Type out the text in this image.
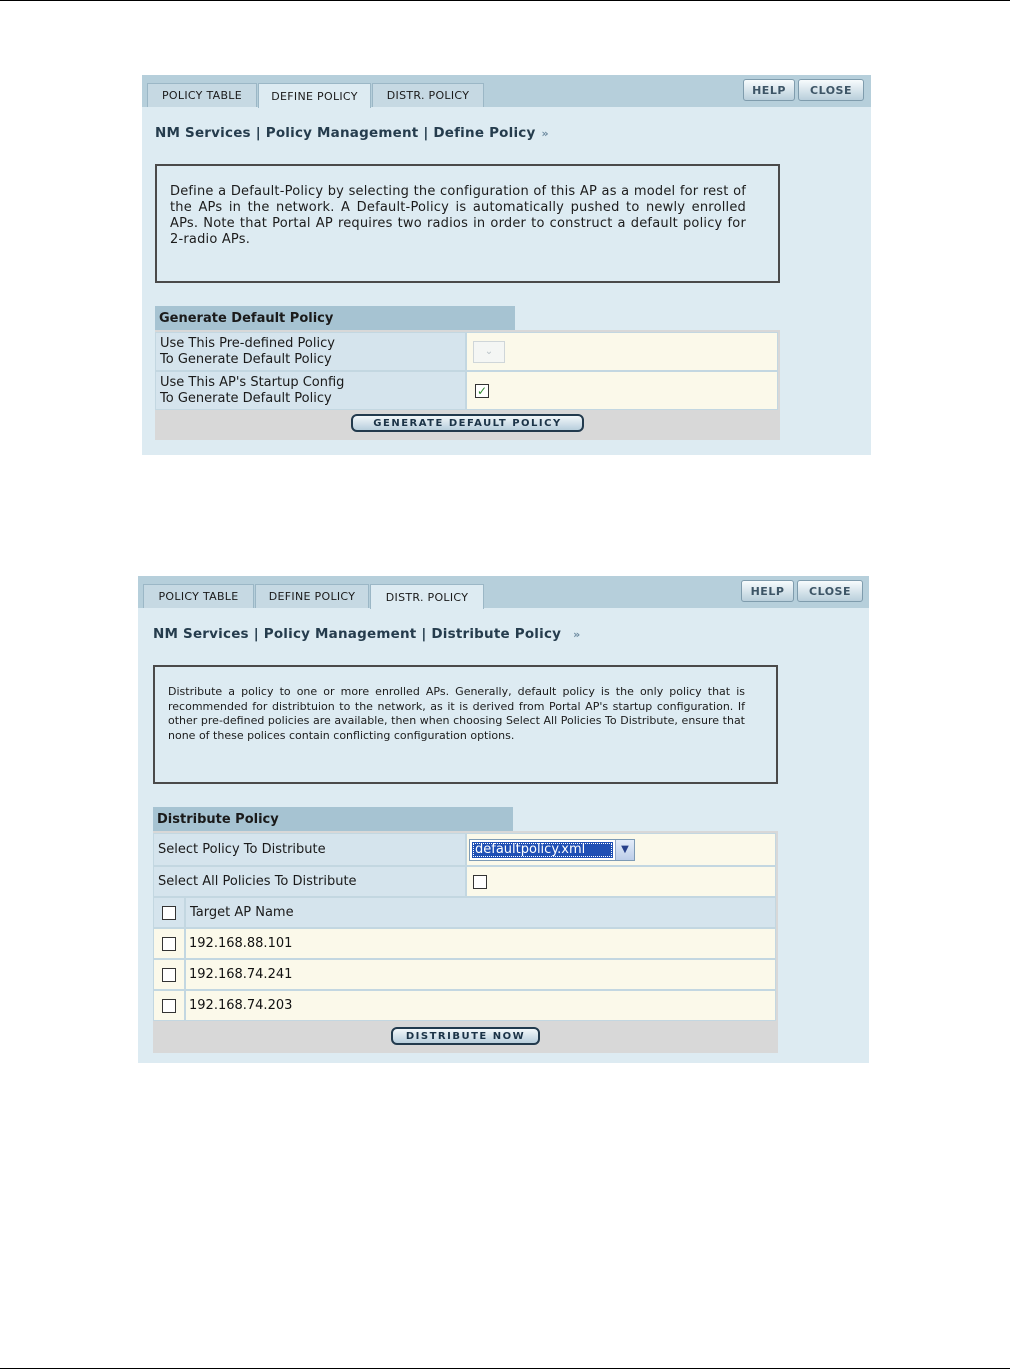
POLICY TABLE	DEFINE POLICY	DISTR. POLICY	HELP	CLOSE
NM Services | Policy Management | Define Policy »

Define a Default-Policy by selecting the configuration of this AP as a model for rest of the APs in the network. A Default-Policy is automatically pushed to newly enrolled APs. Note that Portal AP requires two radios in order to construct a default policy for 2-radio APs.

Generate Default Policy
Use This Pre-defined Policy
To Generate Default Policy	⌄
Use This AP's Startup Config
To Generate Default Policy	✓
GENERATE DEFAULT POLICY
POLICY TABLE	DEFINE POLICY	DISTR. POLICY	HELP	CLOSE
NM Services | Policy Management | Distribute Policy »

Distribute a policy to one or more enrolled APs. Generally, default policy is the only policy that is recommended for distribtuion to the network, as it is derived from Portal AP's startup configuration. If other pre-defined policies are available, then when choosing Select All Policies To Distribute, ensure that none of these polices contain conflicting configuration options.

Distribute Policy
Select Policy To Distribute	defaultpolicy.xml	▼
Select All Policies To Distribute
Target AP Name
192.168.88.101
192.168.74.241
192.168.74.203
DISTRIBUTE NOW
